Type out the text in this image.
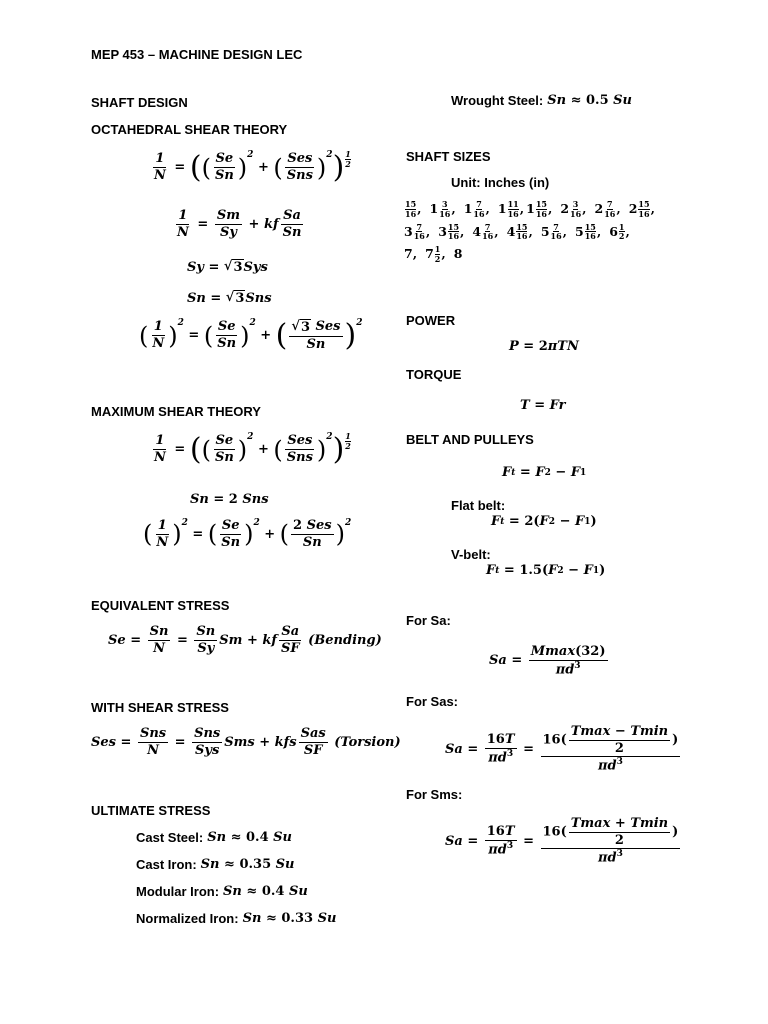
MEP 453 – MACHINE DESIGN LEC
SHAFT DESIGN
OCTAHEDRAL SHEAR THEORY
$\frac{1}{N}$ = ( ( $\frac{Se}{Sn} )^2$
+ ( $\frac{\text{Ses}}{\text{Sns}} )^2$ ) 1
2
$\frac{1}{N} = \frac{Sm}{Sy}$ + kf $\frac{Sa}{Sn}$
Sy = √ 3 Sys
Sn = √ 3 Sns
( $\frac{1}{N} )^2$
= ( $\frac{Se}{Sn} )^2$
+ ( $\frac{\text{√ 3 Ses}}{Sn} )^2$
MAXIMUM SHEAR THEORY
$\frac{1}{N}$ = ( ( $\frac{Se}{Sn} )^2$
+ ( $\frac{\text{Ses}}{\text{Sns}} )^2$ ) 1
2
Sn = 2 Sns
( $\frac{1}{N} )^2$
= ( $\frac{Se}{Sn} )^2$
+ ( $\frac{\text{2 Ses}}{Sn} )^2$
EQUIVALENT STRESS
$Se = \frac{Sn}{N} = \frac{Sn}{Sy}$ Sm + kf $\frac{Sa}{SF}$
(Bending)
WITH SHEAR STRESS
Ses = $\frac{\text{Sns}}{N} = \frac{\text{Sns}}{\text{Sys}}$ Sms + kfs $\frac{\text{Sas}}{SF}$
(Torsion)
ULTIMATE STRESS
Cast Steel: Sn ≈ 0.4 Su
Cast Iron: Sn ≈ 0.35 Su
Modular Iron: Sn ≈ 0.4 Su
Normalized Iron: Sn ≈ 0.33 Su
Wrought Steel: Sn ≈ 0.5 Su
SHAFT SIZES
Unit: Inches (in)
15
16 , 1 3
16 , 1 7
16 , 1 11
16 , 1 15
16 , 2 3
16 , 2 7
16 , 2 15
16 ,
3 7
16 , 3 15
16 , 4 7
16 , 4 15
16 , 5 7
16 , 5 15
16 , 6 1
2 ,
7 , 7 1
2 , 8
POWER
P = 2 πTN
TORQUE
T = Fr
BELT AND PULLEYS
F t = F 2 − F 1
Flat belt:
F t = 2( F 2 − F 1 )
V-belt:
F t = 1.5( F 2 − F 1 )
For Sa:
$Sa = \frac{Mmax(32)}{\pi d^3}$
For Sas:
$Sa = \frac{16T}{\pi d^3} = \frac{16( \frac{Tmax - Tmin}{2} )}{\pi d^3}$
For Sms:
$Sa = \frac{16T}{\pi d^3} = \frac{16( \frac{Tmax + Tmin}{2} )}{\pi d^3}$
